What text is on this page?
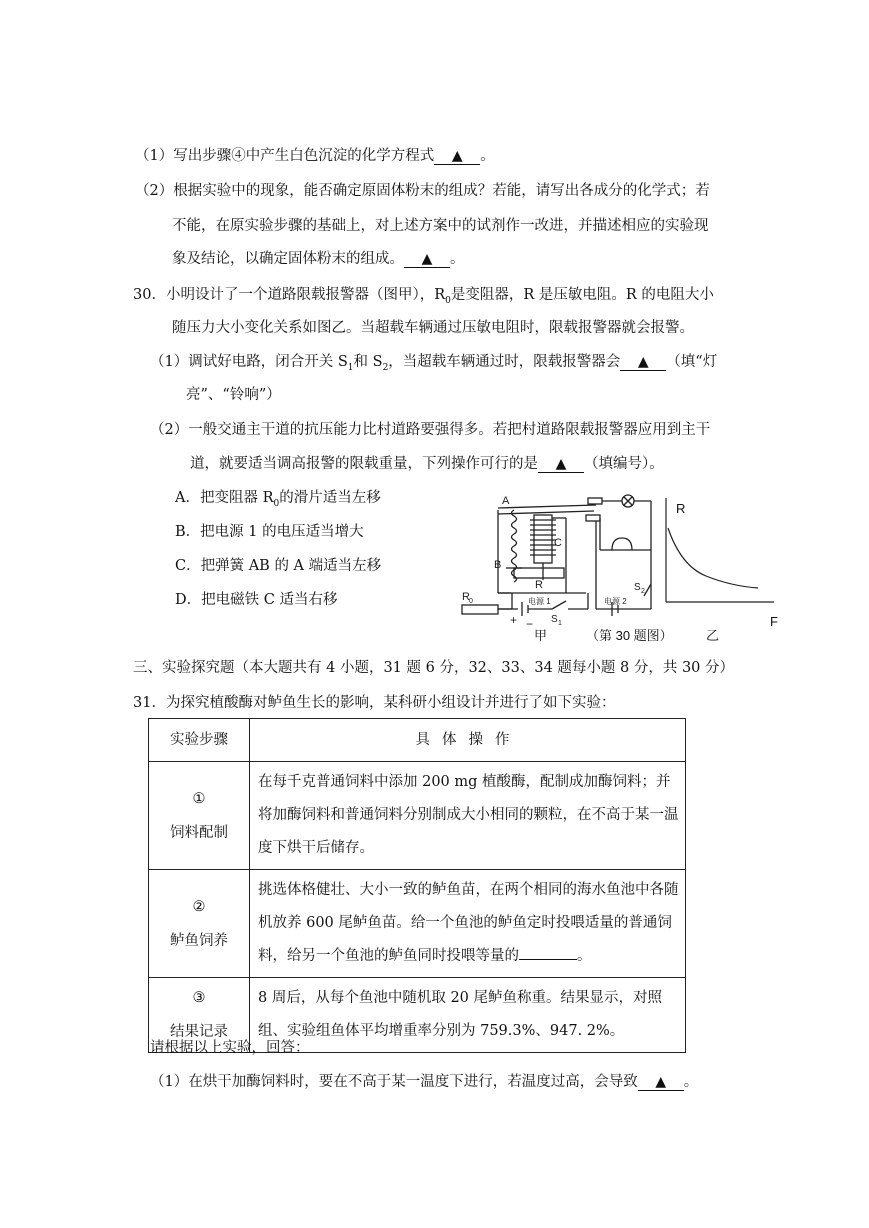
（1）写出步骤④中产生白色沉淀的化学方程式 ▲ 。
（2）根据实验中的现象，能否确定原固体粉末的组成？若能，请写出各成分的化学式；若
不能，在原实验步骤的基础上，对上述方案中的试剂作一改进，并描述相应的实验现
象及结论，以确定固体粉末的组成。 ▲ 。
30．小明设计了一个道路限载报警器（图甲），$R_0$是变阻器，R 是压敏电阻。R 的电阻大小
随压力大小变化关系如图乙。当超载车辆通过压敏电阻时，限载报警器就会报警。
（1）调试好电路，闭合开关 $S_1$和 $S_2$，当超载车辆通过时，限载报警器会 ▲ （填“灯
亮”、“铃响”）
（2）一般交通主干道的抗压能力比村道路要强得多。若把村道路限载报警器应用到主干
道，就要适当调高报警的限载重量，下列操作可行的是 ▲ （填编号）。
A．把变阻器 $R_0$的滑片适当左移
B．把电源 1 的电压适当增大
C．把弹簧 AB 的 A 端适当左移
D．把电磁铁 C 适当右移
A
B
C
R
R 0
+ −
电源 1	电源 2
S 1
S 2
R
F
甲	（第 30 题图）	乙
三、实验探究题（本大题共有 4 小题，31 题 6 分，32、33、34 题每小题 8 分，共 30 分）
31．为探究植酸酶对鲈鱼生长的影响，某科研小组设计并进行了如下实验：
实验步骤	具体操作

①
饲料配制	在每千克普通饲料中添加 200 mg 植酸酶，配制成加酶饲料；并将加酶饲料和普通饲料分别制成大小相同的颗粒，在不高于某一温度下烘干后储存。

②
鲈鱼饲养	挑选体格健壮、大小一致的鲈鱼苗，在两个相同的海水鱼池中各随机放养 600 尾鲈鱼苗。给一个鱼池的鲈鱼定时投喂适量的普通饲料，给另一个鱼池的鲈鱼同时投喂等量的 。

③
结果记录	8 周后，从每个鱼池中随机取 20 尾鲈鱼称重。结果显示，对照组、实验组鱼体平均增重率分别为 759.3%、947. 2%。
请根据以上实验，回答：
（1）在烘干加酶饲料时，要在不高于某一温度下进行，若温度过高，会导致 ▲ 。
